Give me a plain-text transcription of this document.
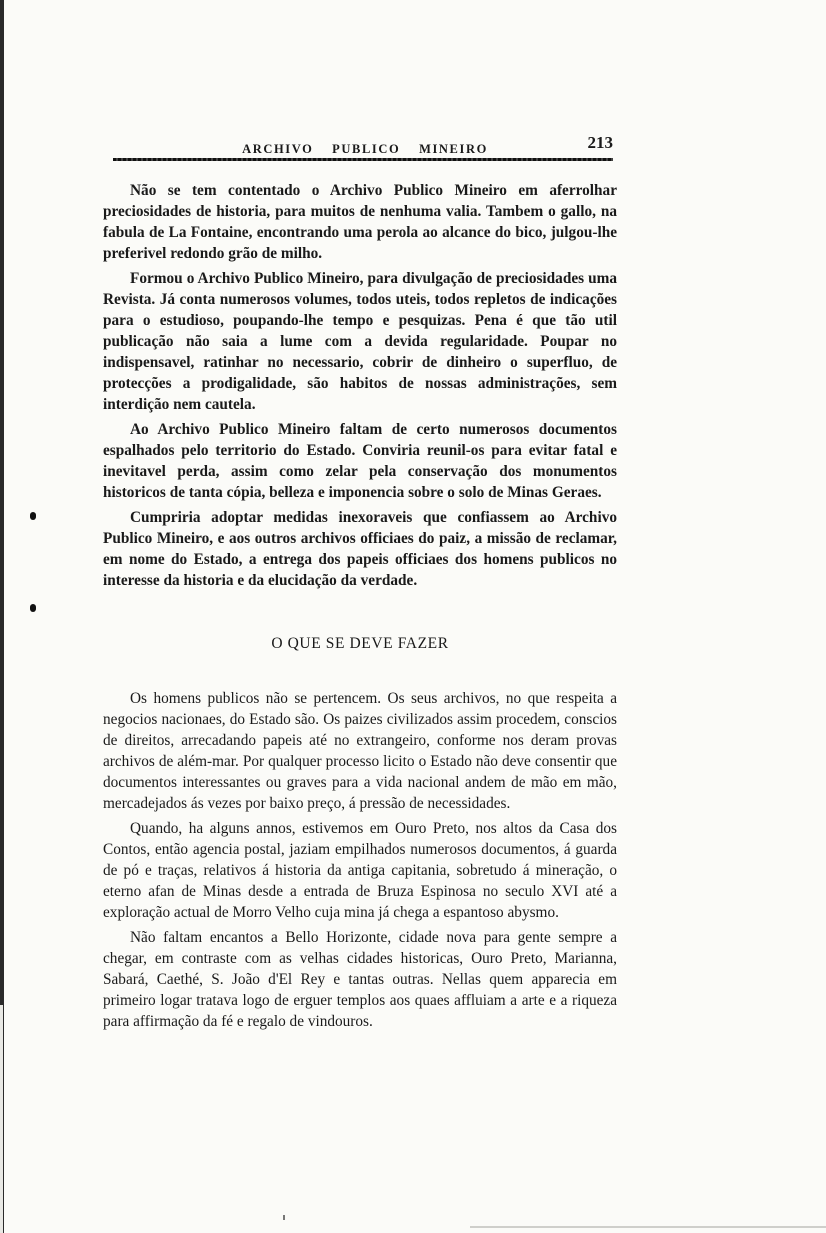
ARCHIVO PUBLICO MINEIRO	213

Não se tem contentado o Archivo Publico Mineiro em aferrolhar preciosidades de historia, para muitos de nenhuma valia. Tambem o gallo, na fabula de La Fontaine, encontrando uma perola ao alcance do bico, julgou-lhe preferivel redondo grão de milho.

Formou o Archivo Publico Mineiro, para divulgação de preciosidades uma Revista. Já conta numerosos volumes, todos uteis, todos repletos de indicações para o estudioso, poupando-lhe tempo e pesquizas. Pena é que tão util publicação não saia a lume com a devida regularidade. Poupar no indispensavel, ratinhar no necessario, cobrir de dinheiro o superfluo, de protecções a prodigalidade, são habitos de nossas administrações, sem interdição nem cautela.

Ao Archivo Publico Mineiro faltam de certo numerosos documentos espalhados pelo territorio do Estado. Conviria reunil-os para evitar fatal e inevitavel perda, assim como zelar pela conservação dos monumentos historicos de tanta cópia, belleza e imponencia sobre o solo de Minas Geraes.

Cumpriria adoptar medidas inexoraveis que confiassem ao Archivo Publico Mineiro, e aos outros archivos officiaes do paiz, a missão de reclamar, em nome do Estado, a entrega dos papeis officiaes dos homens publicos no interesse da historia e da elucidação da verdade.

O QUE SE DEVE FAZER

Os homens publicos não se pertencem. Os seus archivos, no que respeita a negocios nacionaes, do Estado são. Os paizes civilizados assim procedem, conscios de direitos, arrecadando papeis até no extrangeiro, conforme nos deram provas archivos de além-mar. Por qualquer processo licito o Estado não deve consentir que documentos interessantes ou graves para a vida nacional andem de mão em mão, mercadejados ás vezes por baixo preço, á pressão de necessidades.

Quando, ha alguns annos, estivemos em Ouro Preto, nos altos da Casa dos Contos, então agencia postal, jaziam empilhados numerosos documentos, á guarda de pó e traças, relativos á historia da antiga capitania, sobretudo á mineração, o eterno afan de Minas desde a entrada de Bruza Espinosa no seculo XVI até a exploração actual de Morro Velho cuja mina já chega a espantoso abysmo.

Não faltam encantos a Bello Horizonte, cidade nova para gente sempre a chegar, em contraste com as velhas cidades historicas, Ouro Preto, Marianna, Sabará, Caethé, S. João d'El Rey e tantas outras. Nellas quem apparecia em primeiro logar tratava logo de erguer templos aos quaes affluiam a arte e a riqueza para affirmação da fé e regalo de vindouros.
